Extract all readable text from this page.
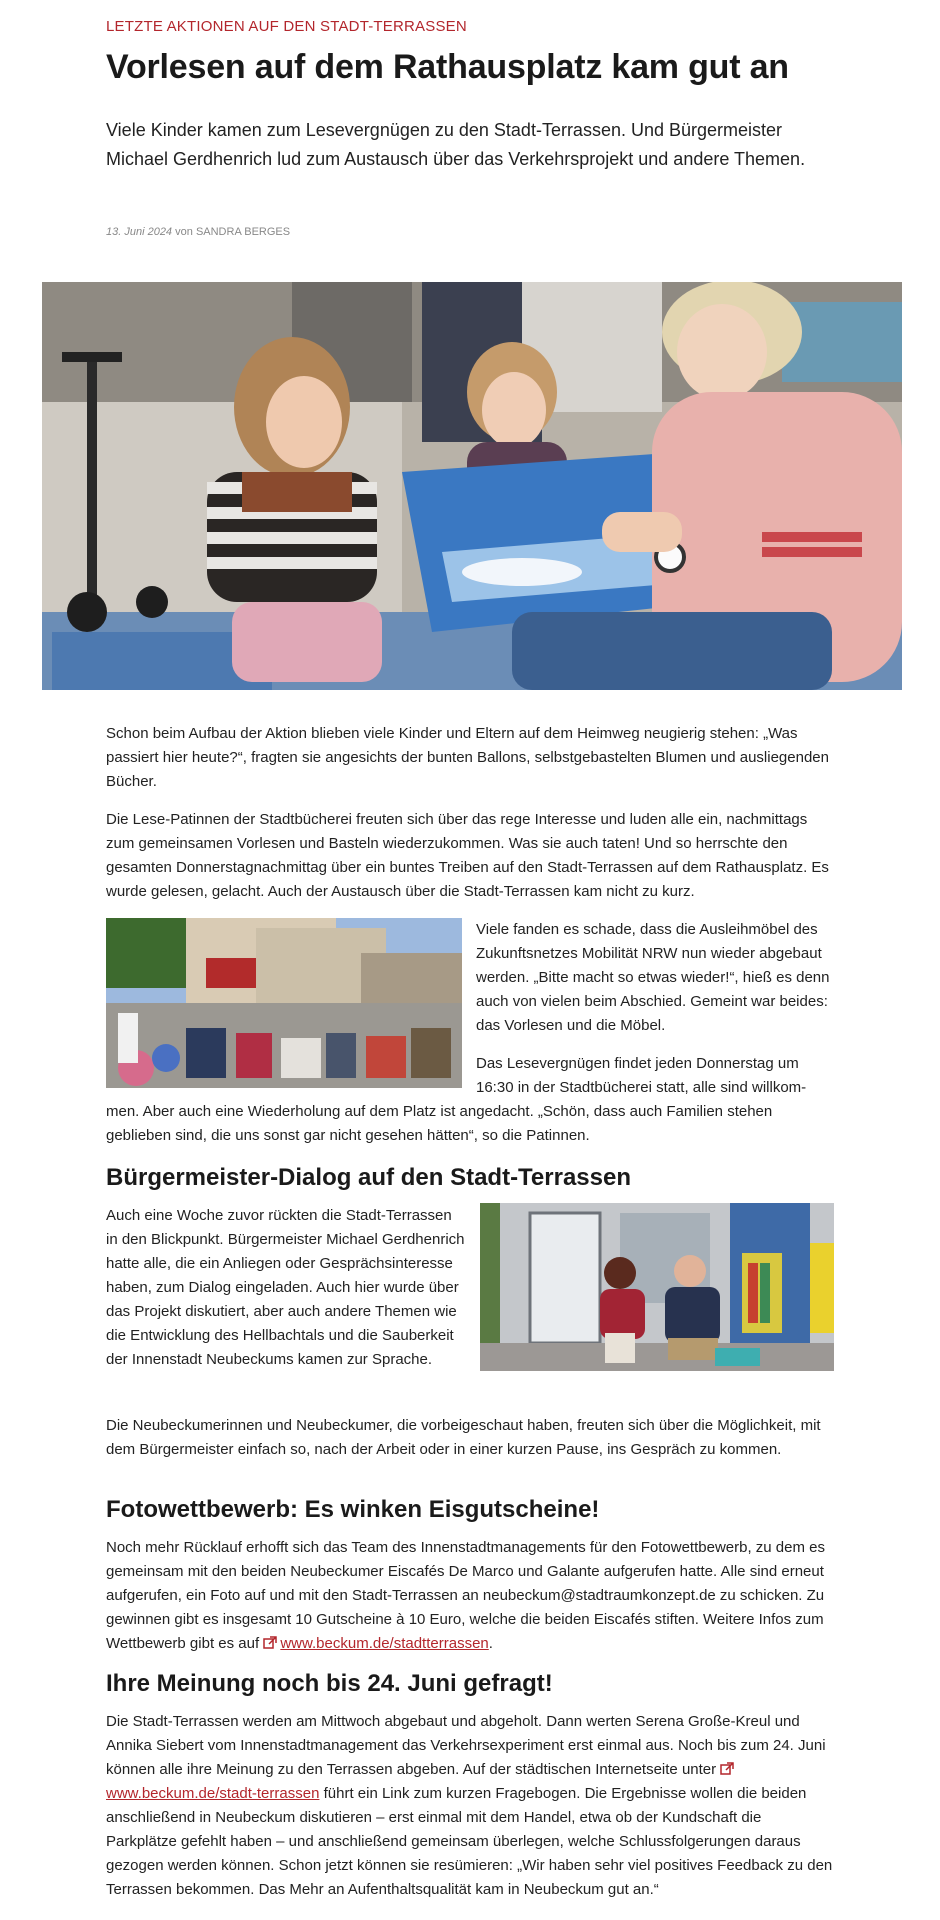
LETZTE AKTIONEN AUF DEN STADT-TERRASSEN
Vorlesen auf dem Rathausplatz kam gut an

Viele Kinder kamen zum Lesevergnügen zu den Stadt-Terrassen. Und Bürgermeister Michael Gerdhenrich lud zum Austausch über das Verkehrsprojekt und andere Themen.

13. Juni 2024 von SANDRA BERGES

Schon beim Aufbau der Aktion blieben viele Kinder und Eltern auf dem Heimweg neugierig stehen: „Was passiert hier heute?“, fragten sie angesichts der bunten Ballons, selbstgebastelten Blumen und ausliegenden Bücher.

Die Lese-Patinnen der Stadtbücherei freuten sich über das rege Interesse und luden alle ein, nachmittags zum gemeinsamen Vorlesen und Basteln wiederzukommen. Was sie auch taten! Und so herrschte den gesamten Donnerstagnachmittag über ein buntes Treiben auf den Stadt-Terrassen auf dem Rathausplatz. Es wurde gelesen, gelacht. Auch der Austausch über die Stadt-Terrassen kam nicht zu kurz.

Viele fanden es schade, dass die Ausleihmöbel des Zukunftsnetzes Mobilität NRW nun wieder abgebaut werden. „Bitte macht so etwas wieder!“, hieß es denn auch von vielen beim Abschied. Gemeint war beides: das Vorlesen und die Möbel.

Das Lesevergnügen findet jeden Donnerstag um 16:30 in der Stadtbücherei statt, alle sind willkom-

men. Aber auch eine Wiederholung auf dem Platz ist angedacht. „Schön, dass auch Familien stehen geblieben sind, die uns sonst gar nicht gesehen hätten“, so die Patinnen.

Bürgermeister-Dialog auf den Stadt-Terrassen

Auch eine Woche zuvor rückten die Stadt-Terrassen in den Blickpunkt. Bürgermeister Michael Gerdhenrich hatte alle, die ein Anliegen oder Gesprächsinteresse haben, zum Dialog eingeladen. Auch hier wurde über das Projekt diskutiert, aber auch andere Themen wie die Entwicklung des Hellbachtals und die Sauberkeit der Innenstadt Neubeckums kamen zur Sprache.

Die Neubeckumerinnen und Neubeckumer, die vorbeigeschaut haben, freuten sich über die Möglichkeit, mit dem Bürgermeister einfach so, nach der Arbeit oder in einer kurzen Pause, ins Gespräch zu kommen.

Fotowettbewerb: Es winken Eisgutscheine!

Noch mehr Rücklauf erhofft sich das Team des Innenstadtmanagements für den Fotowettbewerb, zu dem es gemeinsam mit den beiden Neubeckumer Eiscafés De Marco und Galante aufgerufen hatte. Alle sind erneut aufgerufen, ein Foto auf und mit den Stadt-Terrassen an neubeckum@stadtraumkonzept.de zu schicken. Zu gewinnen gibt es insgesamt 10 Gutscheine à 10 Euro, welche die beiden Eiscafés stiften. Weitere Infos zum Wettbewerb gibt es auf www.beckum.de/stadtterrassen.

Ihre Meinung noch bis 24. Juni gefragt!

Die Stadt-Terrassen werden am Mittwoch abgebaut und abgeholt. Dann werten Serena Große-Kreul und Annika Siebert vom Innenstadtmanagement das Verkehrsexperiment erst einmal aus. Noch bis zum 24. Juni können alle ihre Meinung zu den Terrassen abgeben. Auf der städtischen Internetseite unter www.beckum.de/stadt-terrassen führt ein Link zum kurzen Fragebogen. Die Ergebnisse wollen die beiden anschließend in Neubeckum diskutieren – erst einmal mit dem Handel, etwa ob der Kundschaft die Parkplätze gefehlt haben – und anschließend gemeinsam überlegen, welche Schlussfolgerungen daraus gezogen werden können. Schon jetzt können sie resümieren: „Wir haben sehr viel positives Feedback zu den Terrassen bekommen. Das Mehr an Aufenthaltsqualität kam in Neubeckum gut an.“
